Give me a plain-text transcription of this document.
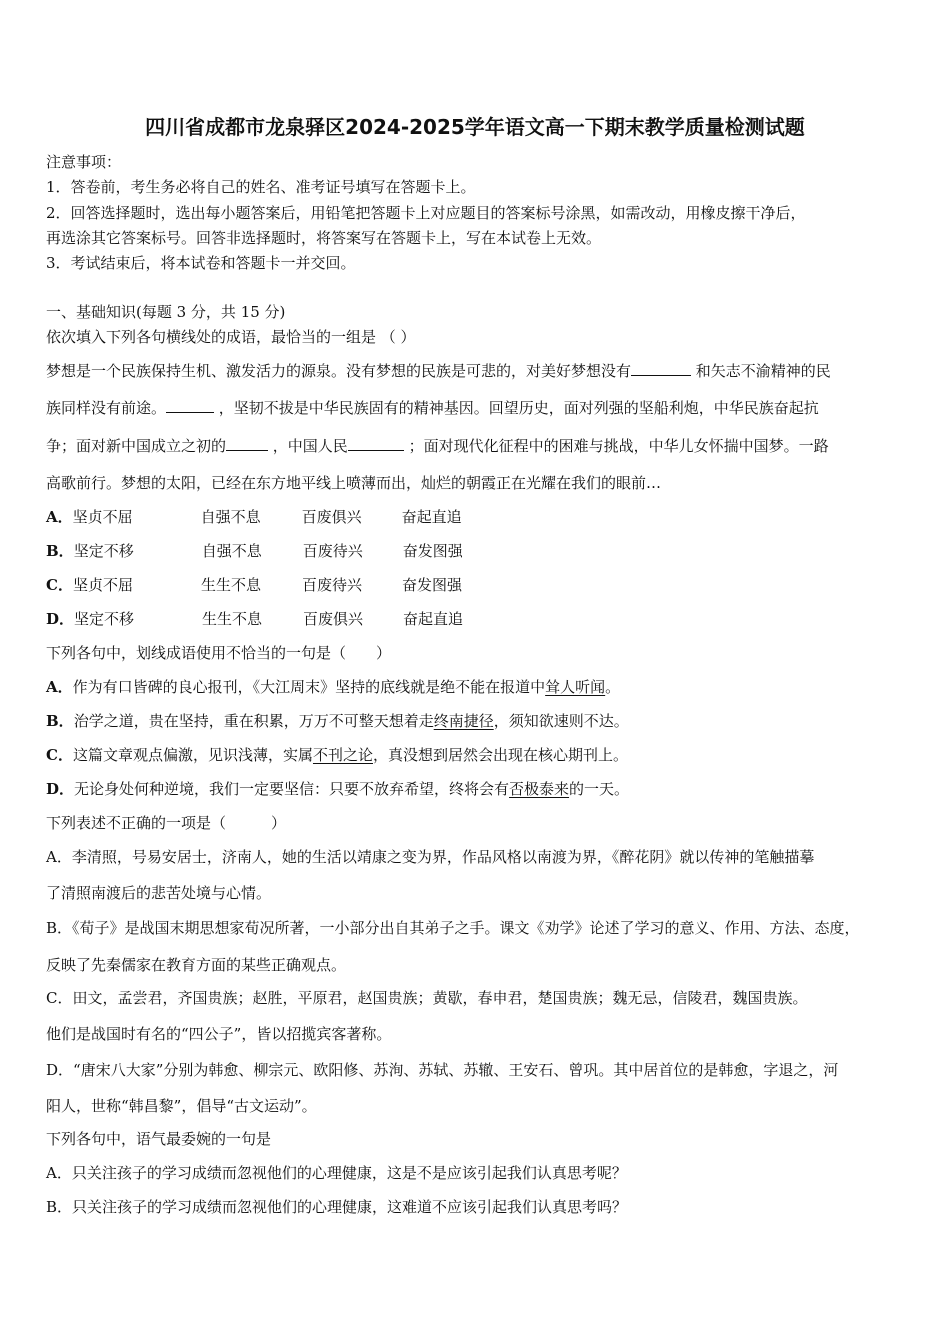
四川省成都市龙泉驿区2024-2025学年语文高一下期末教学质量检测试题
注意事项：
1．答卷前，考生务必将自己的姓名、准考证号填写在答题卡上。
2．回答选择题时，选出每小题答案后，用铅笔把答题卡上对应题目的答案标号涂黑，如需改动，用橡皮擦干净后，
再选涂其它答案标号。回答非选择题时，将答案写在答题卡上，写在本试卷上无效。
3．考试结束后，将本试卷和答题卡一并交回。
一、基础知识(每题 3 分，共 15 分)
依次填入下列各句横线处的成语，最恰当的一组是 （ ）
梦想是一个民族保持生机、激发活力的源泉。没有梦想的民族是可悲的，对美好梦想没有	和矢志不渝精神的民
族同样没有前途。	，坚韧不拔是中华民族固有的精神基因。回望历史，面对列强的坚船利炮，中华民族奋起抗
争；面对新中国成立之初的	，中国人民	；面对现代化征程中的困难与挑战，中华儿女怀揣中国梦。一路
高歌前行。梦想的太阳，已经在东方地平线上喷薄而出，灿烂的朝霞正在光耀在我们的眼前…
A．坚贞不屈	自强不息	百废俱兴	奋起直追
B．坚定不移	自强不息	百废待兴	奋发图强
C．坚贞不屈	生生不息	百废待兴	奋发图强
D．坚定不移	生生不息	百废俱兴	奋起直追
下列各句中，划线成语使用不恰当的一句是（　　）
A．作为有口皆碑的良心报刊，《大江周末》坚持的底线就是绝不能在报道中耸人听闻。
B．治学之道，贵在坚持，重在积累，万万不可整天想着走终南捷径，须知欲速则不达。
C．这篇文章观点偏激，见识浅薄，实属不刊之论，真没想到居然会出现在核心期刊上。
D．无论身处何种逆境，我们一定要坚信：只要不放弃希望，终将会有否极泰来的一天。
下列表述不正确的一项是（　　　）
A．李清照，号易安居士，济南人，她的生活以靖康之变为界，作品风格以南渡为界，《醉花阴》就以传神的笔触描摹
了清照南渡后的悲苦处境与心情。
B．《荀子》是战国末期思想家荀况所著，一小部分出自其弟子之手。课文《劝学》论述了学习的意义、作用、方法、态度，
反映了先秦儒家在教育方面的某些正确观点。
C．田文，孟尝君，齐国贵族；赵胜，平原君，赵国贵族；黄歇，春申君，楚国贵族；魏无忌，信陵君，魏国贵族。
他们是战国时有名的“四公子”，皆以招揽宾客著称。
D．“唐宋八大家”分别为韩愈、柳宗元、欧阳修、苏洵、苏轼、苏辙、王安石、曾巩。其中居首位的是韩愈，字退之，河
阳人，世称“韩昌黎”，倡导“古文运动”。
下列各句中，语气最委婉的一句是
A．只关注孩子的学习成绩而忽视他们的心理健康，这是不是应该引起我们认真思考呢？
B．只关注孩子的学习成绩而忽视他们的心理健康，这难道不应该引起我们认真思考吗？
